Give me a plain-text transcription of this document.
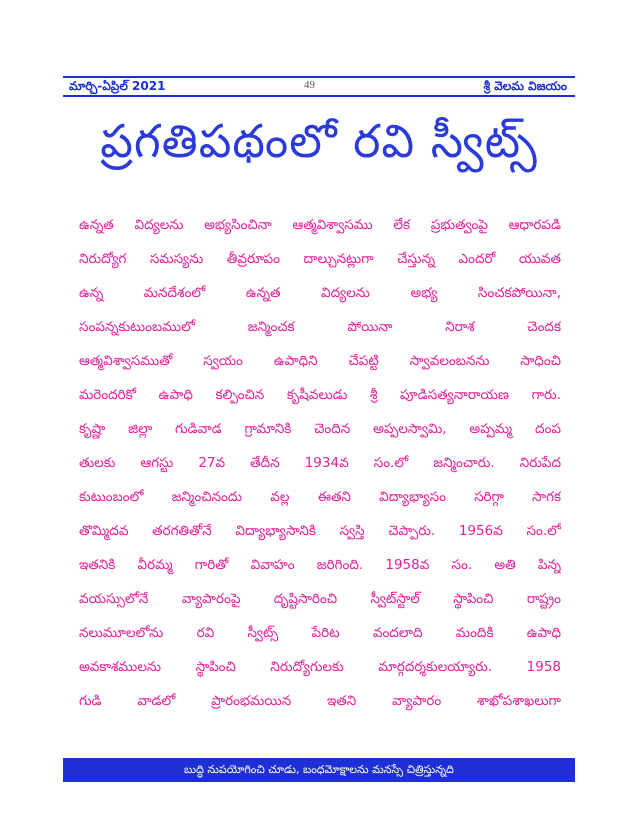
మార్చి-ఏప్రిల్ 2021	49	శ్రీ వెలమ విజయం
ప్రగతిపథంలో రవి స్వీట్స్
ఉన్నత విద్యలను అభ్యసించినా ఆత్మవిశ్వాసము లేక ప్రభుత్వంపై ఆధారపడి
నిరుద్యోగ సమస్యను తీవ్రరూపం దాల్చునట్లుగా చేస్తున్న ఎందరో యువత
ఉన్న మనదేశంలో ఉన్నత విద్యలను అభ్య సించకపోయినా,
సంపన్నకుటుంబములో జన్మించక పోయినా నిరాశ చెందక
ఆత్మవిశ్వాసముతో స్వయం ఉపాధిని చేపట్టి స్వావలంబనను సాధించి
మరెందరికో ఉపాధి కల్పించిన కృషీవలుడు శ్రీ పూడిసత్యనారాయణ గారు.
కృష్ణా జిల్లా గుడివాడ గ్రామానికి చెందిన అప్పలస్వామి, అప్పమ్మ దంప
తులకు ఆగస్టు 27వ తేదీన 1934వ సం.లో జన్మించారు. నిరుపేద
కుటుంబంలో జన్మించినందు వల్ల ఈతని విద్యాభ్యాసం సరిగ్గా సాగక
తొమ్మిదవ తరగతితోనే విద్యాభ్యాసానికి స్వస్తి చెప్పారు. 1956వ సం.లో
ఇతనికి వీరమ్మ గారితో వివాహం జరిగింది. 1958వ సం. అతి పిన్న
వయస్సులోనే వ్యాపారంపై దృష్టిసారించి స్వీట్‌స్టాల్ స్థాపించి రాష్ట్రం
నలుమూలలోను రవి స్వీట్స్ పేరిట వందలాది మందికి ఉపాధి
అవకాశములను స్థాపించి నిరుద్యోగులకు మార్గదర్శకులయ్యారు. 1958
గుడి వాడలో ప్రారంభమయిన ఇతని వ్యాపారం శాఖోపశాఖలుగా
బుద్ధి నుపయోగించి చూడు, బంధమోక్షాలను మనస్సే చిత్రిస్తున్నది
